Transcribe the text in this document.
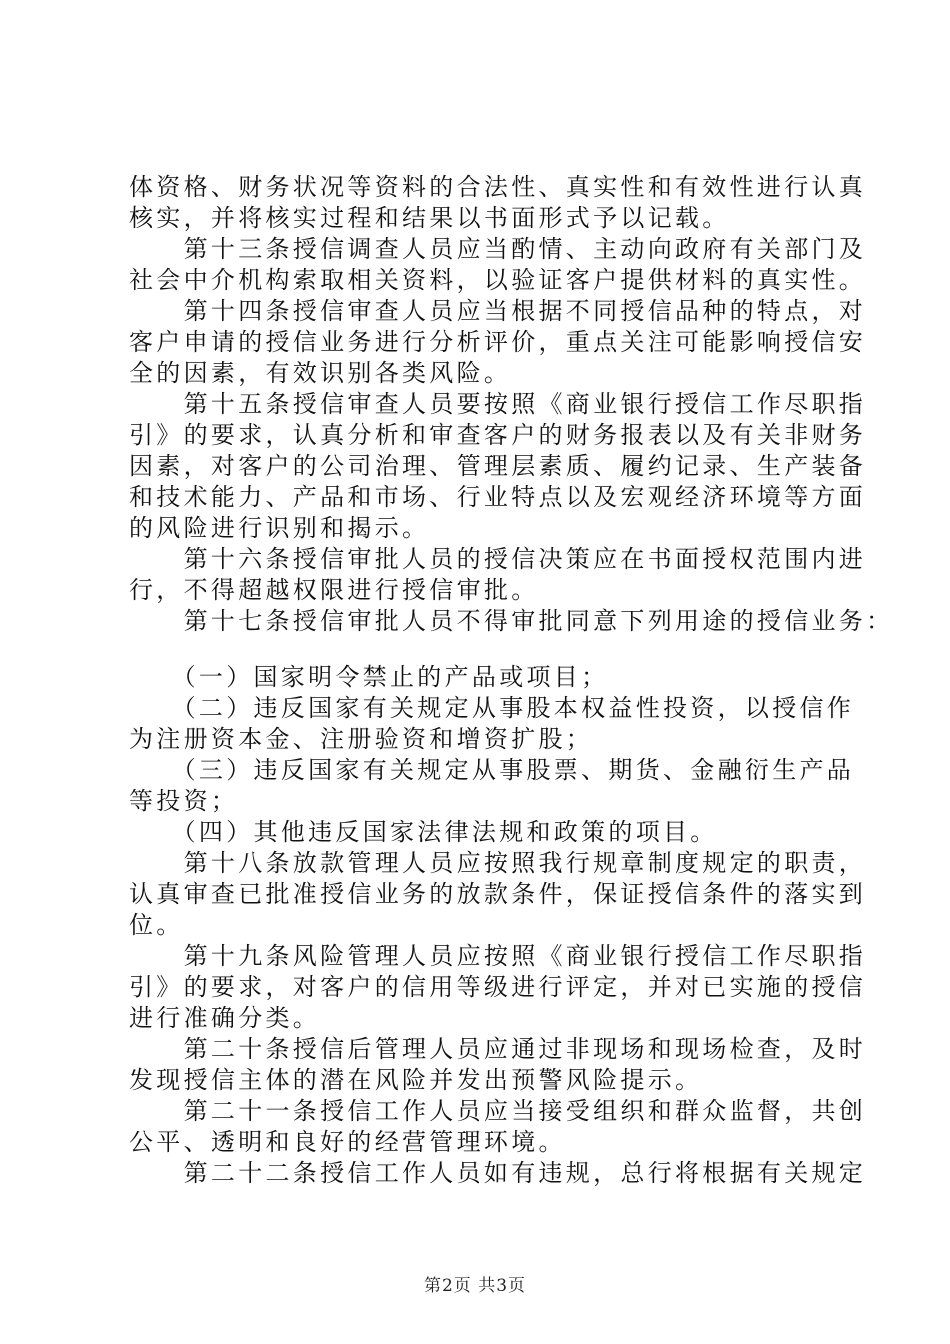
体资格、财务状况等资料的合法性、真实性和有效性进行认真
核实，并将核实过程和结果以书面形式予以记载。
　　第十三条授信调查人员应当酌情、主动向政府有关部门及
社会中介机构索取相关资料，以验证客户提供材料的真实性。
　　第十四条授信审查人员应当根据不同授信品种的特点，对
客户申请的授信业务进行分析评价，重点关注可能影响授信安
全的因素，有效识别各类风险。
　　第十五条授信审查人员要按照《商业银行授信工作尽职指
引》的要求，认真分析和审查客户的财务报表以及有关非财务
因素，对客户的公司治理、管理层素质、履约记录、生产装备
和技术能力、产品和市场、行业特点以及宏观经济环境等方面
的风险进行识别和揭示。
　　第十六条授信审批人员的授信决策应在书面授权范围内进
行，不得超越权限进行授信审批。
　　第十七条授信审批人员不得审批同意下列用途的授信业务：
　　（一）国家明令禁止的产品或项目；
　　（二）违反国家有关规定从事股本权益性投资，以授信作
为注册资本金、注册验资和增资扩股；
　　（三）违反国家有关规定从事股票、期货、金融衍生产品
等投资；
　　（四）其他违反国家法律法规和政策的项目。
　　第十八条放款管理人员应按照我行规章制度规定的职责，
认真审查已批准授信业务的放款条件，保证授信条件的落实到
位。
　　第十九条风险管理人员应按照《商业银行授信工作尽职指
引》的要求，对客户的信用等级进行评定，并对已实施的授信
进行准确分类。
　　第二十条授信后管理人员应通过非现场和现场检查，及时
发现授信主体的潜在风险并发出预警风险提示。
　　第二十一条授信工作人员应当接受组织和群众监督，共创
公平、透明和良好的经营管理环境。
　　第二十二条授信工作人员如有违规，总行将根据有关规定
第2页 共3页
